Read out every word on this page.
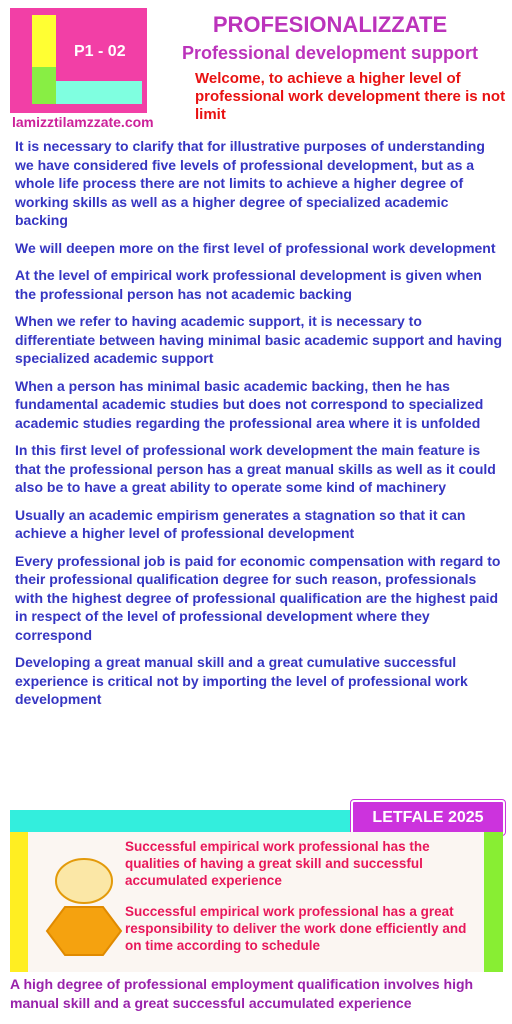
P1 - 02
lamizztilamzzate.com
PROFESIONALIZZATE
Professional development support
Welcome, to achieve a higher level of professional work development there is not limit

It is necessary to clarify that for illustrative purposes of understanding we have considered five levels of professional development, but as a whole life process there are not limits to achieve a higher degree of working skills as well as a higher degree of specialized academic backing

We will deepen more on the first level of professional work development

At the level of empirical work professional development is given when the professional person has not academic backing

When we refer to having academic support, it is necessary to differentiate between having minimal basic academic support and having specialized academic support

When a person has minimal basic academic backing, then he has fundamental academic studies but does not correspond to specialized academic studies regarding the professional area where it is unfolded

In this first level of professional work development the main feature is that the professional person has a great manual skills as well as it could also be to have a great ability to operate some kind of machinery

Usually an academic empirism generates a stagnation so that it can achieve a higher level of professional development

Every professional job is paid for economic compensation with regard to their professional qualification degree for such reason, professionals with the highest degree of professional qualification are the highest paid in respect of the level of professional development where they correspond

Developing a great manual skill and a great cumulative successful experience is critical not by importing the level of professional work development

LETFALE 2025

Successful empirical work professional has the qualities of having a great skill and successful accumulated experience

Successful empirical work professional has a great responsibility to deliver the work done efficiently and on time according to schedule

A high degree of professional employment qualification involves high manual skill and a great successful accumulated experience
